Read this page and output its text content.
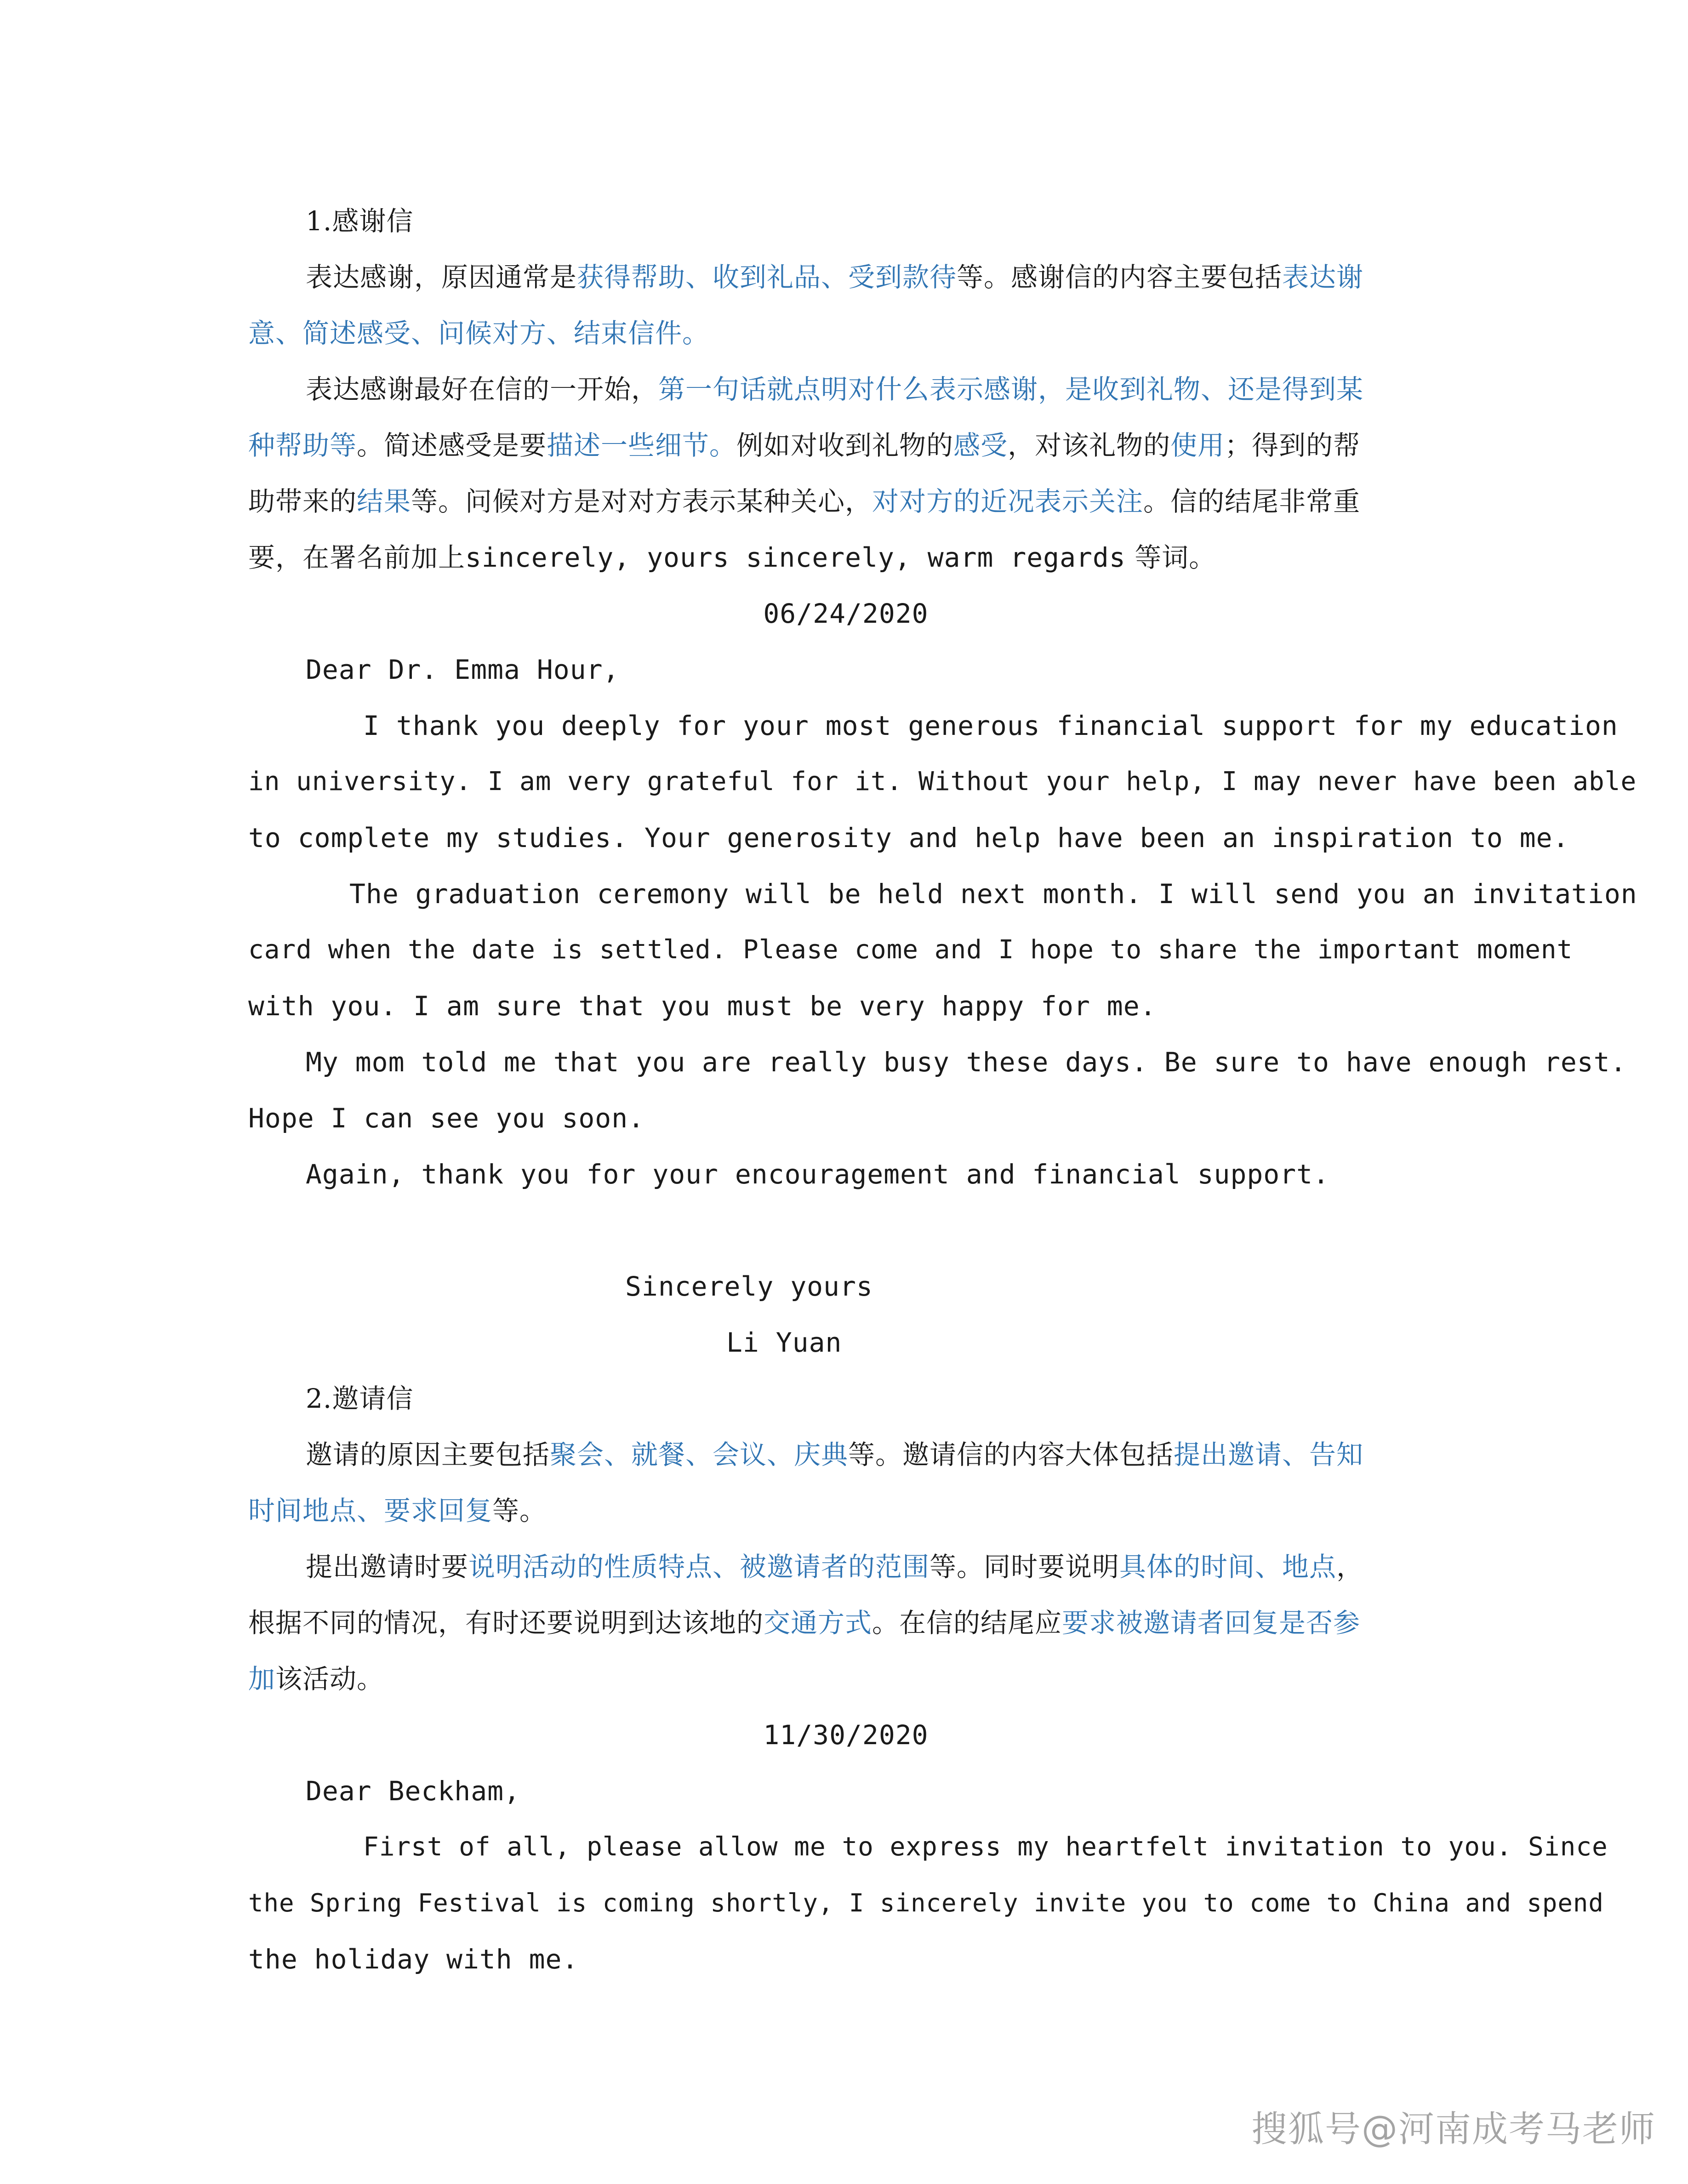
1.感谢信
表达感谢，原因通常是获得帮助、收到礼品、受到款待等。感谢信的内容主要包括表达谢
意、简述感受、问候对方、结束信件。
表达感谢最好在信的一开始，第一句话就点明对什么表示感谢，是收到礼物、还是得到某
种帮助等。简述感受是要描述一些细节。例如对收到礼物的感受，对该礼物的使用；得到的帮
助带来的结果等。问候对方是对对方表示某种关心，对对方的近况表示关注。信的结尾非常重
要，在署名前加上sincerely, yours sincerely, warm regards 等词。
06/24/2020
Dear Dr. Emma Hour,
I thank you deeply for your most generous financial support for my education
in university. I am very grateful for it. Without your help, I may never have been able
to complete my studies. Your generosity and help have been an inspiration to me.
The graduation ceremony will be held next month. I will send you an invitation
card when the date is settled. Please come and I hope to share the important moment
with you. I am sure that you must be very happy for me.
My mom told me that you are really busy these days. Be sure to have enough rest.
Hope I can see you soon.
Again, thank you for your encouragement and financial support.
Sincerely yours
Li Yuan
2.邀请信
邀请的原因主要包括聚会、就餐、会议、庆典等。邀请信的内容大体包括提出邀请、告知
时间地点、要求回复等。
提出邀请时要说明活动的性质特点、被邀请者的范围等。同时要说明具体的时间、地点，
根据不同的情况，有时还要说明到达该地的交通方式。在信的结尾应要求被邀请者回复是否参
加该活动。
11/30/2020
Dear Beckham,
First of all, please allow me to express my heartfelt invitation to you. Since
the Spring Festival is coming shortly, I sincerely invite you to come to China and spend
the holiday with me.
搜狐号@河南成考马老师
